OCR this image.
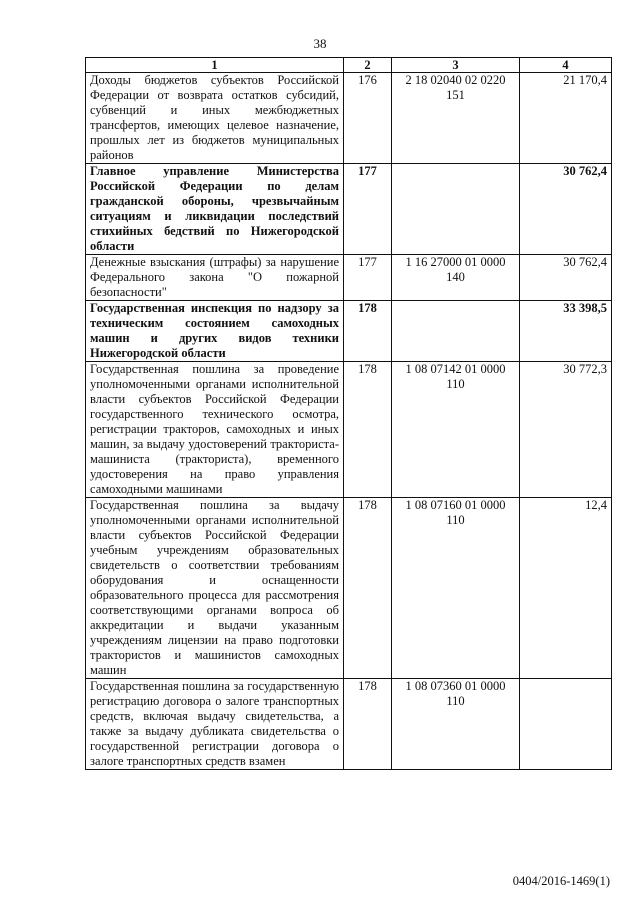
38
1	2	3	4
Доходы бюджетов субъектов Российской Федерации от возврата остатков субсидий, субвенций и иных межбюджетных трансфертов, имеющих целевое назначение, прошлых лет из бюджетов муниципальных районов	176	2 18 02040 02 0220 151	21 170,4
Главное управление Министерства Российской Федерации по делам гражданской обороны, чрезвычайным ситуациям и ликвидации последствий стихийных бедствий по Нижегородской области	177		30 762,4
Денежные взыскания (штрафы) за нарушение Федерального закона "О пожарной безопасности"	177	1 16 27000 01 0000 140	30 762,4
Государственная инспекция по надзору за техническим состоянием самоходных машин и других видов техники Нижегородской области	178		33 398,5
Государственная пошлина за проведение уполномоченными органами исполнительной власти субъектов Российской Федерации государственного технического осмотра, регистрации тракторов, самоходных и иных машин, за выдачу удостоверений тракториста-машиниста (тракториста), временного удостоверения на право управления самоходными машинами	178	1 08 07142 01 0000 110	30 772,3
Государственная пошлина за выдачу уполномоченными органами исполнительной власти субъектов Российской Федерации учебным учреждениям образовательных свидетельств о соответствии требованиям оборудования и оснащенности образовательного процесса для рассмотрения соответствующими органами вопроса об аккредитации и выдачи указанным учреждениям лицензии на право подготовки трактористов и машинистов самоходных машин	178	1 08 07160 01 0000 110	12,4
Государственная пошлина за государственную регистрацию договора о залоге транспортных средств, включая выдачу свидетельства, а также за выдачу дубликата свидетельства о государственной регистрации договора о залоге транспортных средств взамен	178	1 08 07360 01 0000 110	
0404/2016-1469(1)
